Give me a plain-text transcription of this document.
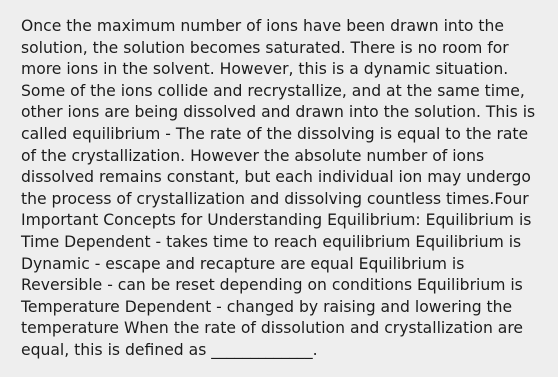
Once the maximum number of ions have been drawn into the solution, the solution becomes saturated. There is no room for more ions in the solvent. However, this is a dynamic situation. Some of the ions collide and recrystallize, and at the same time, other ions are being dissolved and drawn into the solution. This is called equilibrium - The rate of the dissolving is equal to the rate of the crystallization. However the absolute number of ions dissolved remains constant, but each individual ion may undergo the process of crystallization and dissolving countless times.Four Important Concepts for Understanding Equilibrium: Equilibrium is Time Dependent - takes time to reach equilibrium Equilibrium is Dynamic - escape and recapture are equal Equilibrium is Reversible - can be reset depending on conditions Equilibrium is Temperature Dependent - changed by raising and lowering the temperature When the rate of dissolution and crystallization are equal, this is defined as _____________.
